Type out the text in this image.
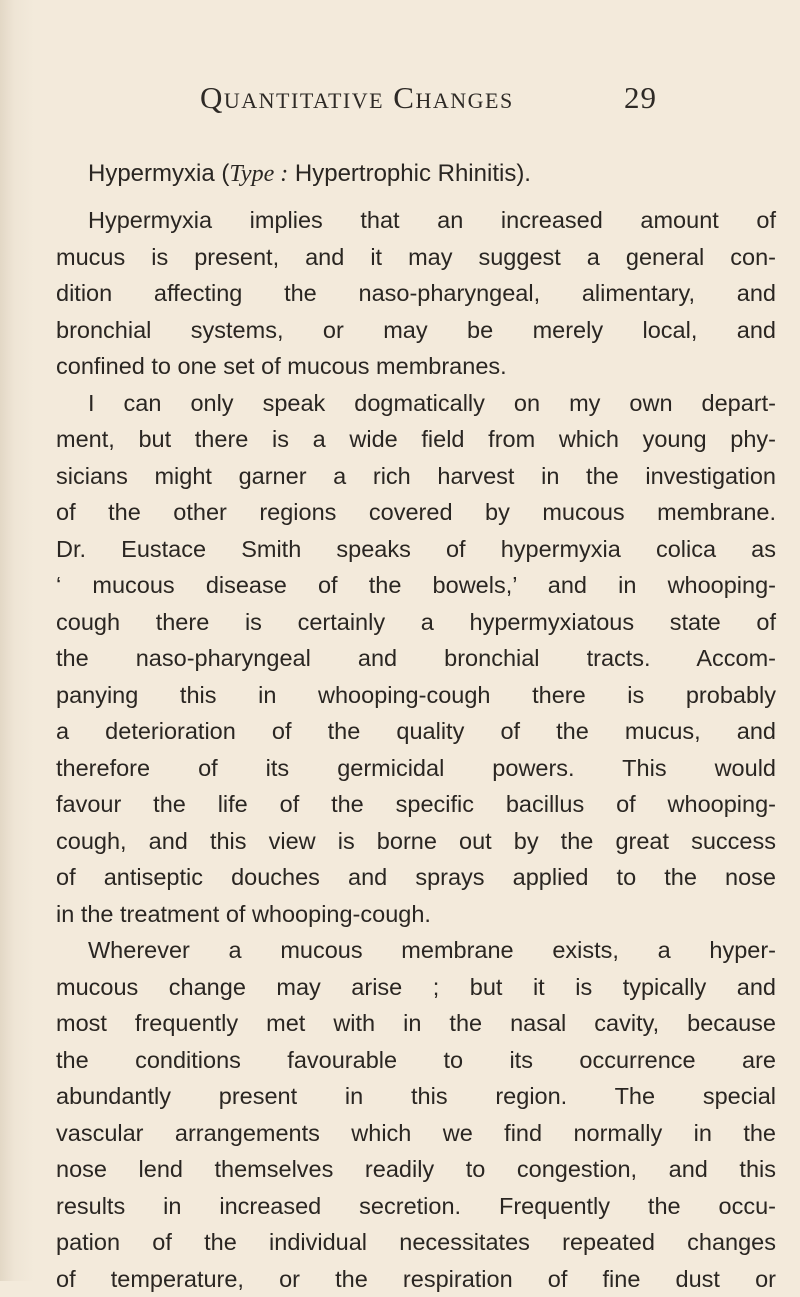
Quantitative Changes	29
Hypermyxia (Type : Hypertrophic Rhinitis).
Hypermyxia implies that an increased amount of
mucus is present, and it may suggest a general con-
dition affecting the naso-pharyngeal, alimentary, and
bronchial systems, or may be merely local, and
confined to one set of mucous membranes.
I can only speak dogmatically on my own depart-
ment, but there is a wide field from which young phy-
sicians might garner a rich harvest in the investigation
of the other regions covered by mucous membrane.
Dr. Eustace Smith speaks of hypermyxia colica as
‘ mucous disease of the bowels,’ and in whooping-
cough there is certainly a hypermyxiatous state of
the naso-pharyngeal and bronchial tracts. Accom-
panying this in whooping-cough there is probably
a deterioration of the quality of the mucus, and
therefore of its germicidal powers. This would
favour the life of the specific bacillus of whooping-
cough, and this view is borne out by the great success
of antiseptic douches and sprays applied to the nose
in the treatment of whooping-cough.
Wherever a mucous membrane exists, a hyper-
mucous change may arise ; but it is typically and
most frequently met with in the nasal cavity, because
the conditions favourable to its occurrence are
abundantly present in this region. The special
vascular arrangements which we find normally in the
nose lend themselves readily to congestion, and this
results in increased secretion. Frequently the occu-
pation of the individual necessitates repeated changes
of temperature, or the respiration of fine dust or
